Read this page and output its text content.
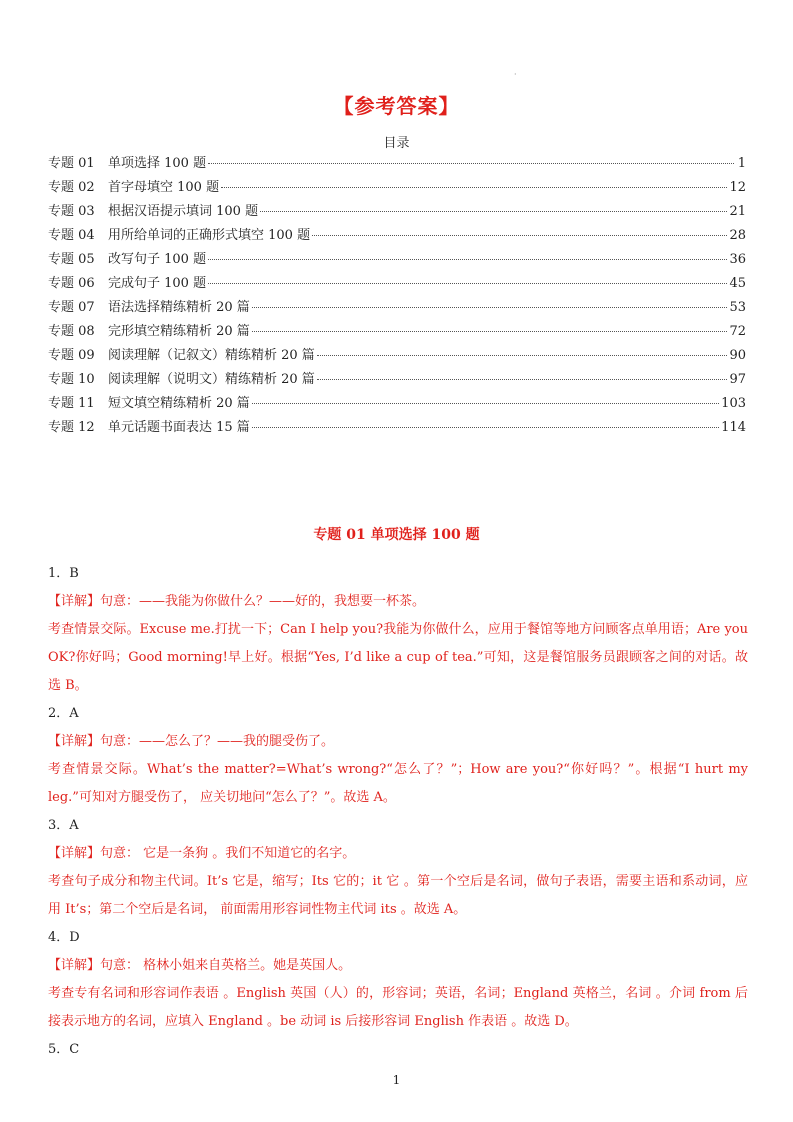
·
【参考答案】
目录
专题 01	单项选择 100 题	1
专题 02	首字母填空 100 题	12
专题 03	根据汉语提示填词 100 题	21
专题 04	用所给单词的正确形式填空 100 题	28
专题 05	改写句子 100 题	36
专题 06	完成句子 100 题	45
专题 07	语法选择精练精析 20 篇	53
专题 08	完形填空精练精析 20 篇	72
专题 09	阅读理解（记叙文）精练精析 20 篇	90
专题 10	阅读理解（说明文）精练精析 20 篇	97
专题 11	短文填空精练精析 20 篇	103
专题 12	单元话题书面表达 15 篇	114
专题 01 单项选择 100 题
1．B
【详解】句意：——我能为你做什么？——好的，我想要一杯茶。
考查情景交际。Excuse me.打扰一下；Can I help you?我能为你做什么，应用于餐馆等地方问顾客点单用语；Are you OK?你好吗；Good morning!早上好。根据“Yes, I’d like a cup of tea.”可知，这是餐馆服务员跟顾客之间的对话。故选 B。
2．A
【详解】句意：——怎么了？——我的腿受伤了。
考查情景交际。What’s the matter?=What’s wrong?“怎么了？”；How are you?“你好吗？”。根据“I hurt my leg.”可知对方腿受伤了， 应关切地问“怎么了？”。故选 A。
3．A
【详解】句意： 它是一条狗 。我们不知道它的名字。
考查句子成分和物主代词。It’s 它是，缩写；Its 它的；it 它 。第一个空后是名词，做句子表语，需要主语和系动词，应用 It’s；第二个空后是名词， 前面需用形容词性物主代词 its 。故选 A。
4．D
【详解】句意： 格林小姐来自英格兰。她是英国人。
考查专有名词和形容词作表语 。English 英国（人）的，形容词；英语，名词；England 英格兰，名词 。介词 from 后接表示地方的名词，应填入 England 。be 动词 is 后接形容词 English 作表语 。故选 D。
5．C
1
